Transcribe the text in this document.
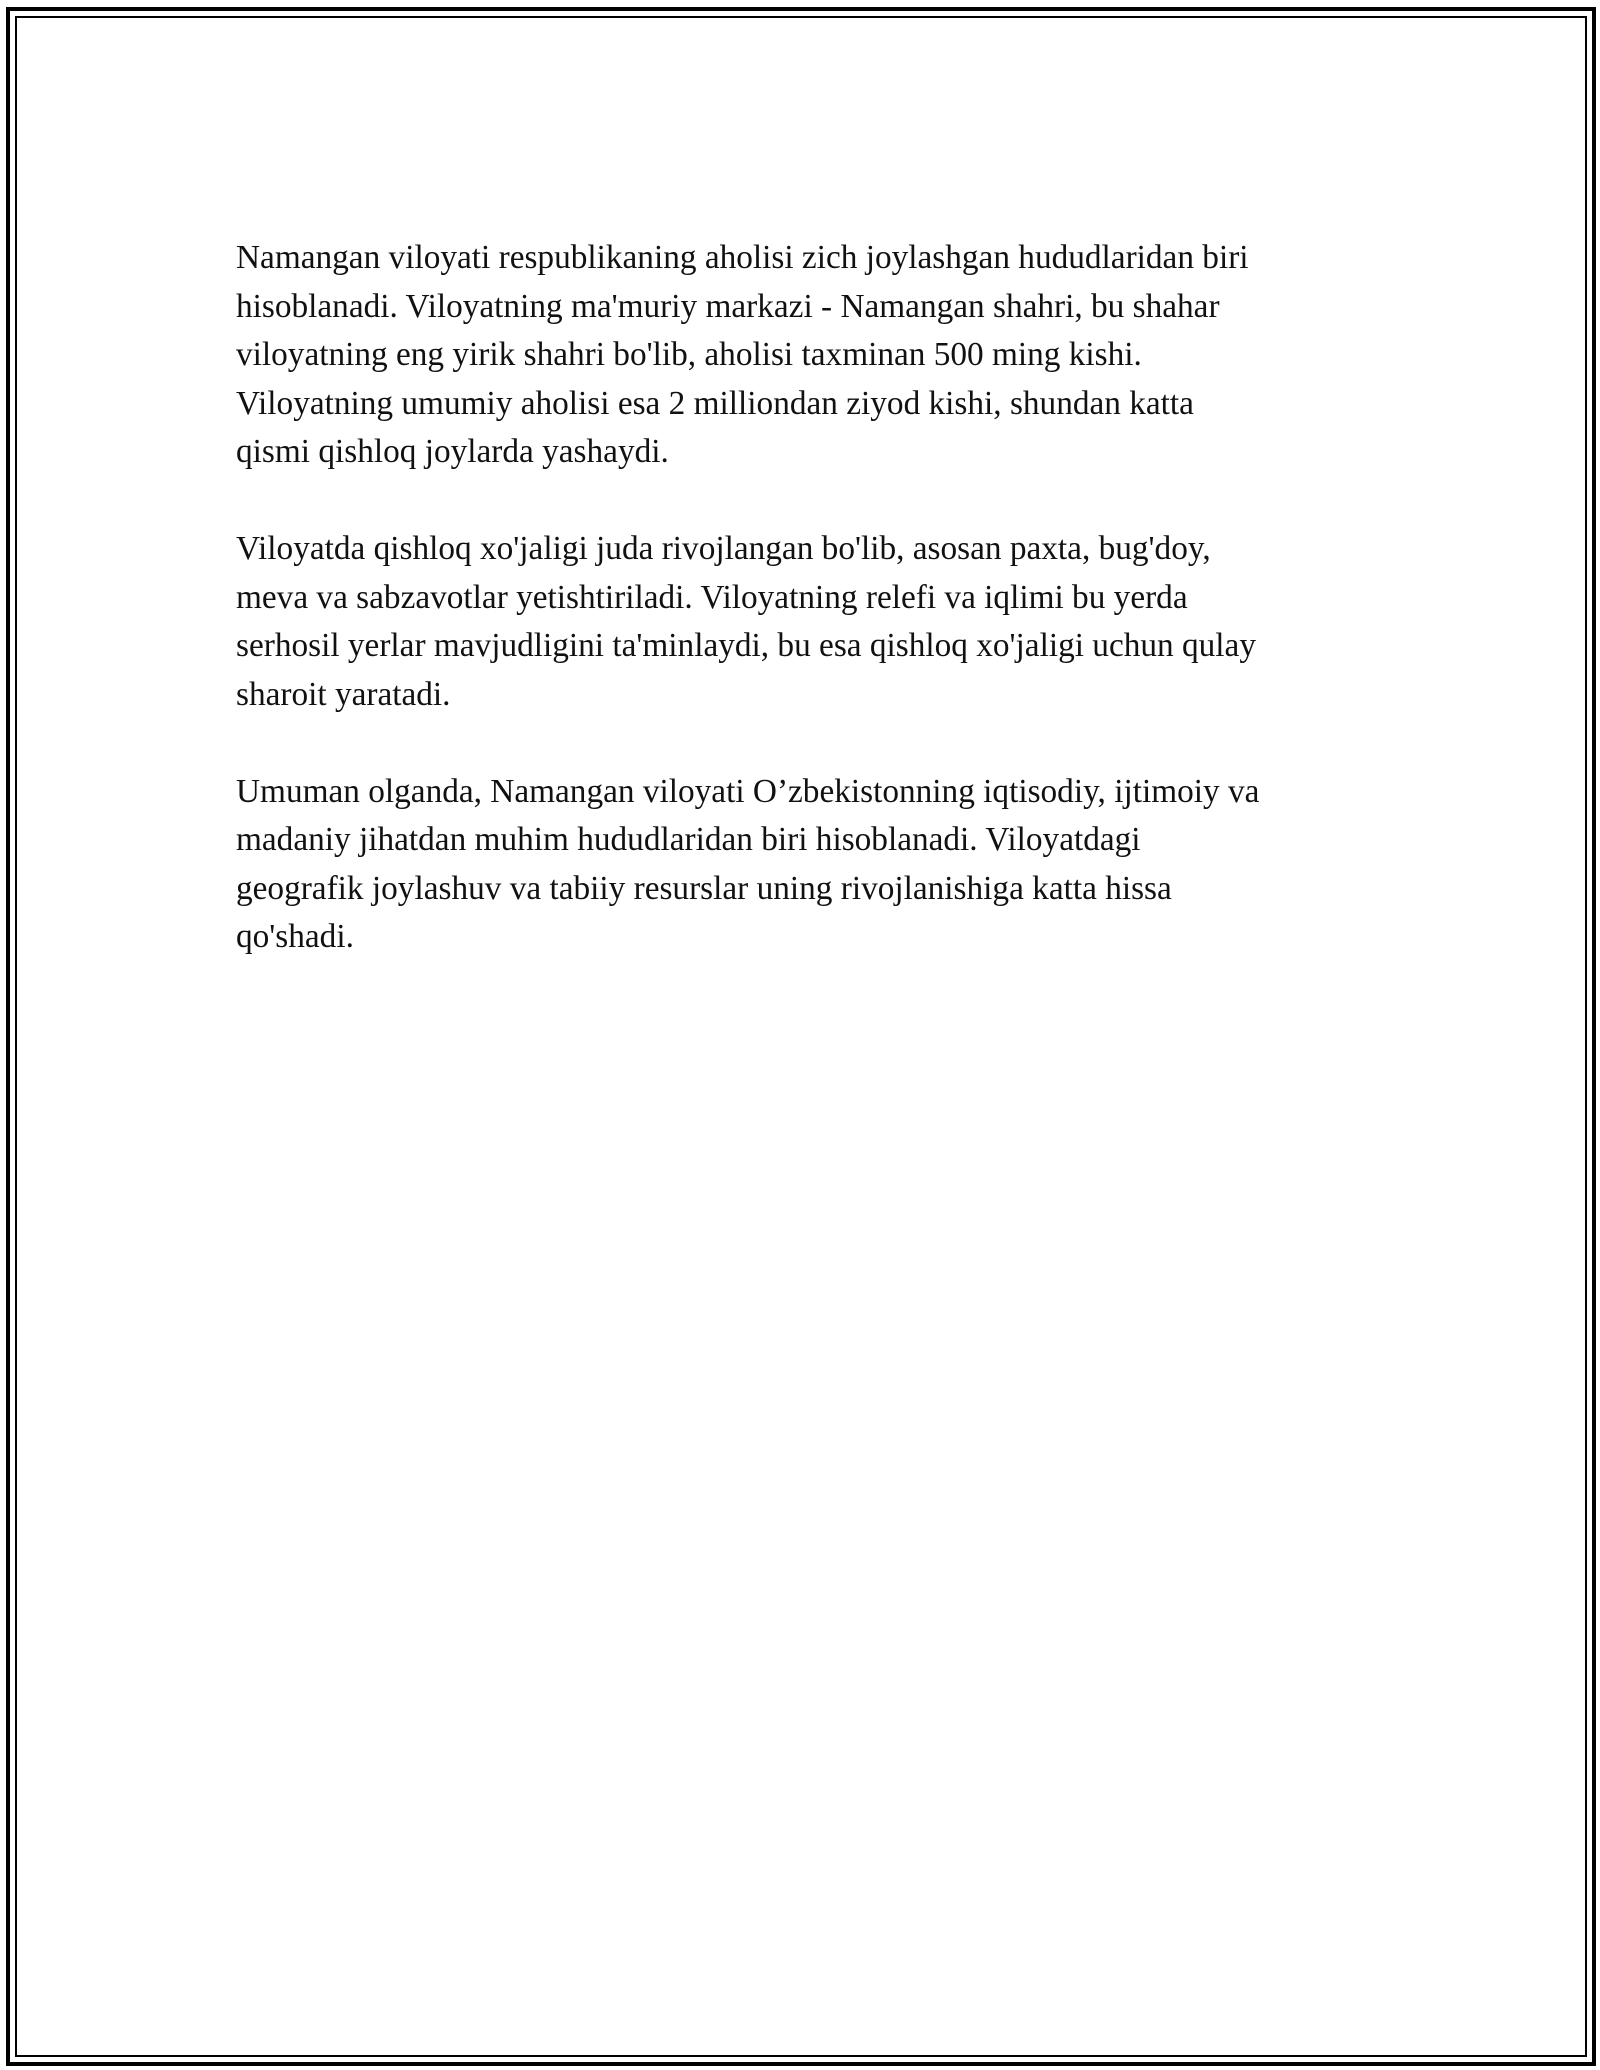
Namangan viloyati respublikaning aholisi zich joylashgan hududlaridan biri
hisoblanadi. Viloyatning ma'muriy markazi - Namangan shahri, bu shahar
viloyatning eng yirik shahri bo'lib, aholisi taxminan 500 ming kishi.
Viloyatning umumiy aholisi esa 2 milliondan ziyod kishi, shundan katta
qismi qishloq joylarda yashaydi.

Viloyatda qishloq xo'jaligi juda rivojlangan bo'lib, asosan paxta, bug'doy,
meva va sabzavotlar yetishtiriladi. Viloyatning relefi va iqlimi bu yerda
serhosil yerlar mavjudligini ta'minlaydi, bu esa qishloq xo'jaligi uchun qulay
sharoit yaratadi.

Umuman olganda, Namangan viloyati O’zbekistonning iqtisodiy, ijtimoiy va
madaniy jihatdan muhim hududlaridan biri hisoblanadi. Viloyatdagi
geografik joylashuv va tabiiy resurslar uning rivojlanishiga katta hissa
qo'shadi.
